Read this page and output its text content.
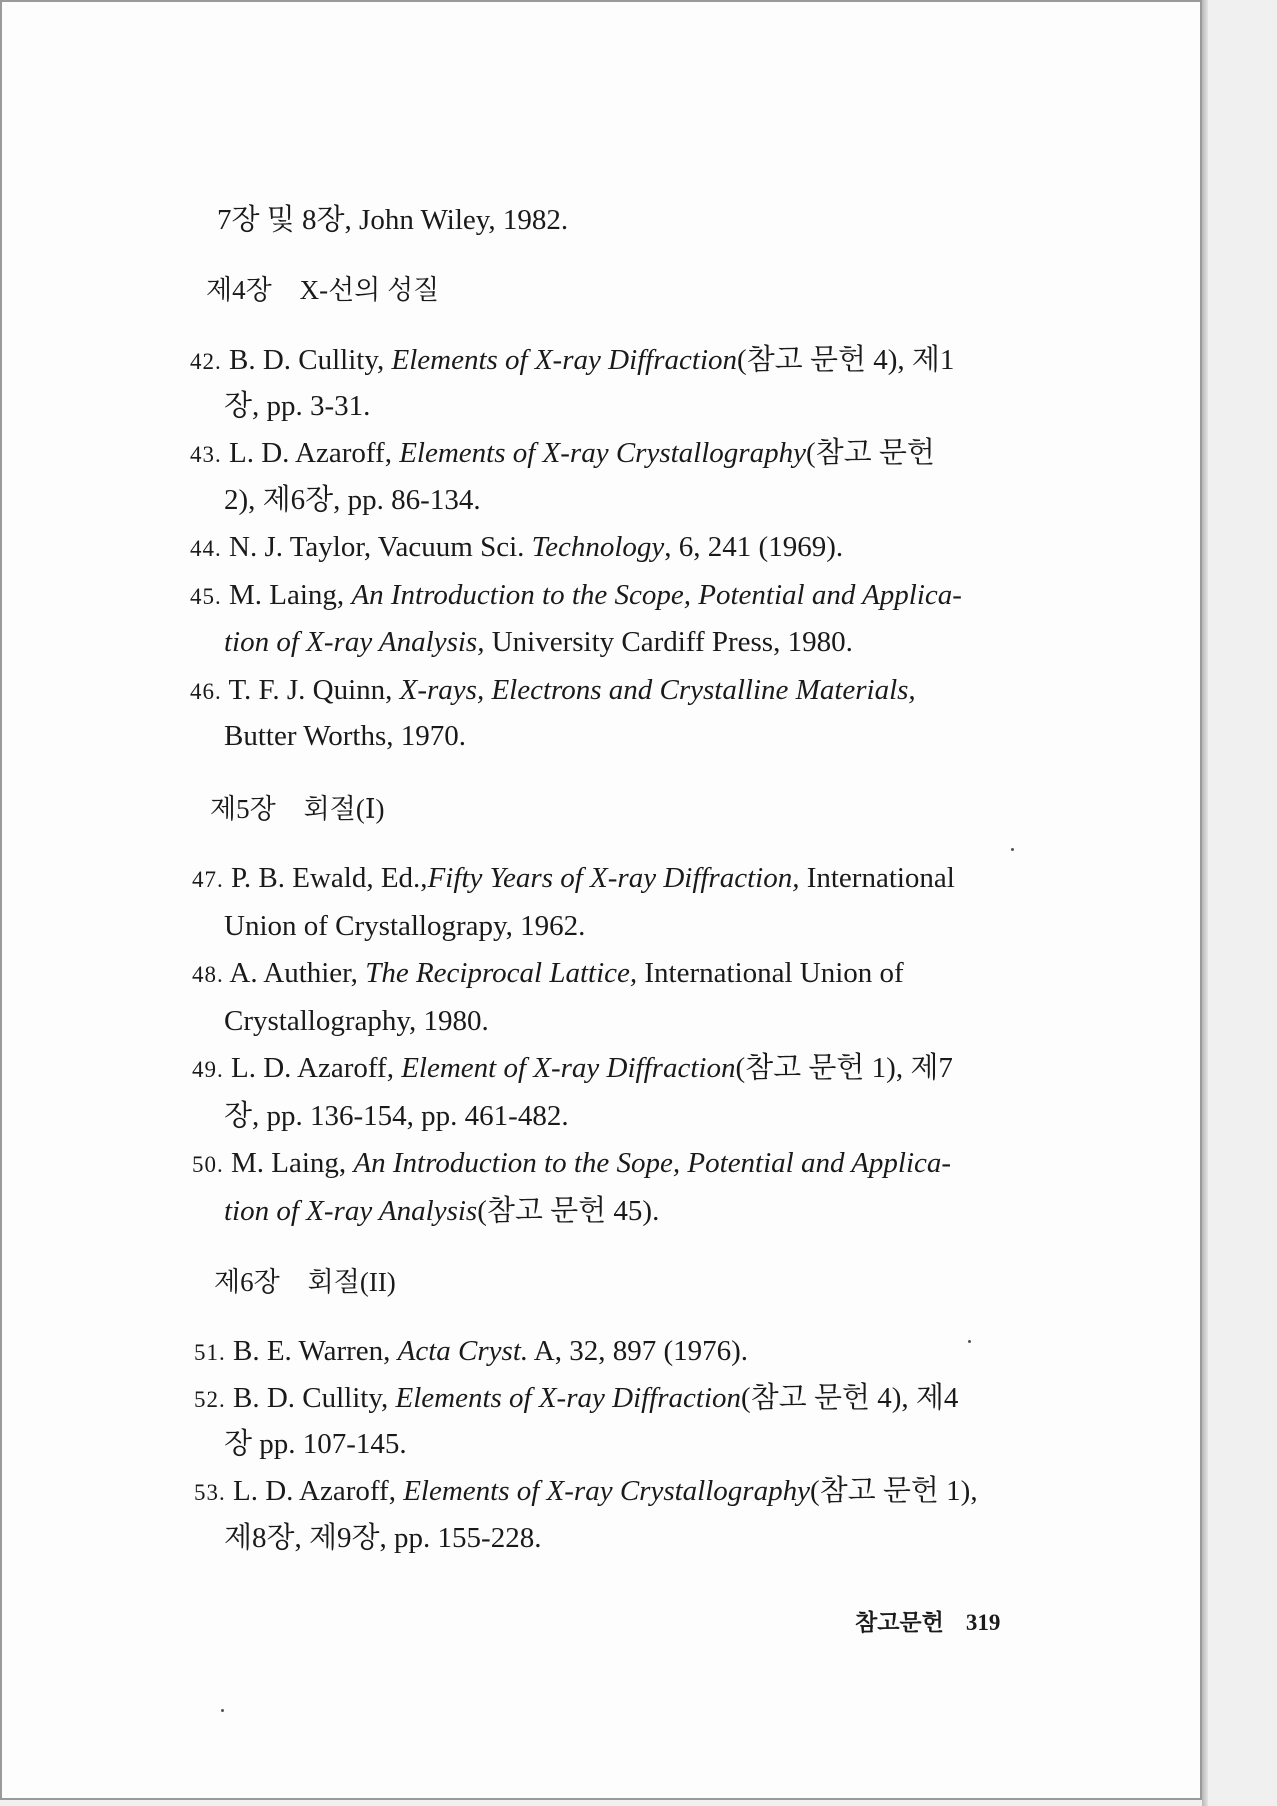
7장 및 8장, John Wiley, 1982.
제4장 X-선의 성질
42. B. D. Cullity, Elements of X-ray Diffraction(참고 문헌 4), 제1
장, pp. 3-31.
43. L. D. Azaroff, Elements of X-ray Crystallography(참고 문헌
2), 제6장, pp. 86-134.
44. N. J. Taylor, Vacuum Sci. Technology, 6, 241 (1969).
45. M. Laing, An Introduction to the Scope, Potential and Applica-
tion of X-ray Analysis, University Cardiff Press, 1980.
46. T. F. J. Quinn, X-rays, Electrons and Crystalline Materials,
Butter Worths, 1970.
제5장 회절(Ⅰ)
47. P. B. Ewald, Ed.,Fifty Years of X-ray Diffraction, International
Union of Crystallograpy, 1962.
48. A. Authier, The Reciprocal Lattice, International Union of
Crystallography, 1980.
49. L. D. Azaroff, Element of X-ray Diffraction(참고 문헌 1), 제7
장, pp. 136-154, pp. 461-482.
50. M. Laing, An Introduction to the Sope, Potential and Applica-
tion of X-ray Analysis(참고 문헌 45).
제6장 회절(II)
51. B. E. Warren, Acta Cryst. A, 32, 897 (1976).
52. B. D. Cullity, Elements of X-ray Diffraction(참고 문헌 4), 제4
장 pp. 107-145.
53. L. D. Azaroff, Elements of X-ray Crystallography(참고 문헌 1),
제8장, 제9장, pp. 155-228.
참고문헌 319
